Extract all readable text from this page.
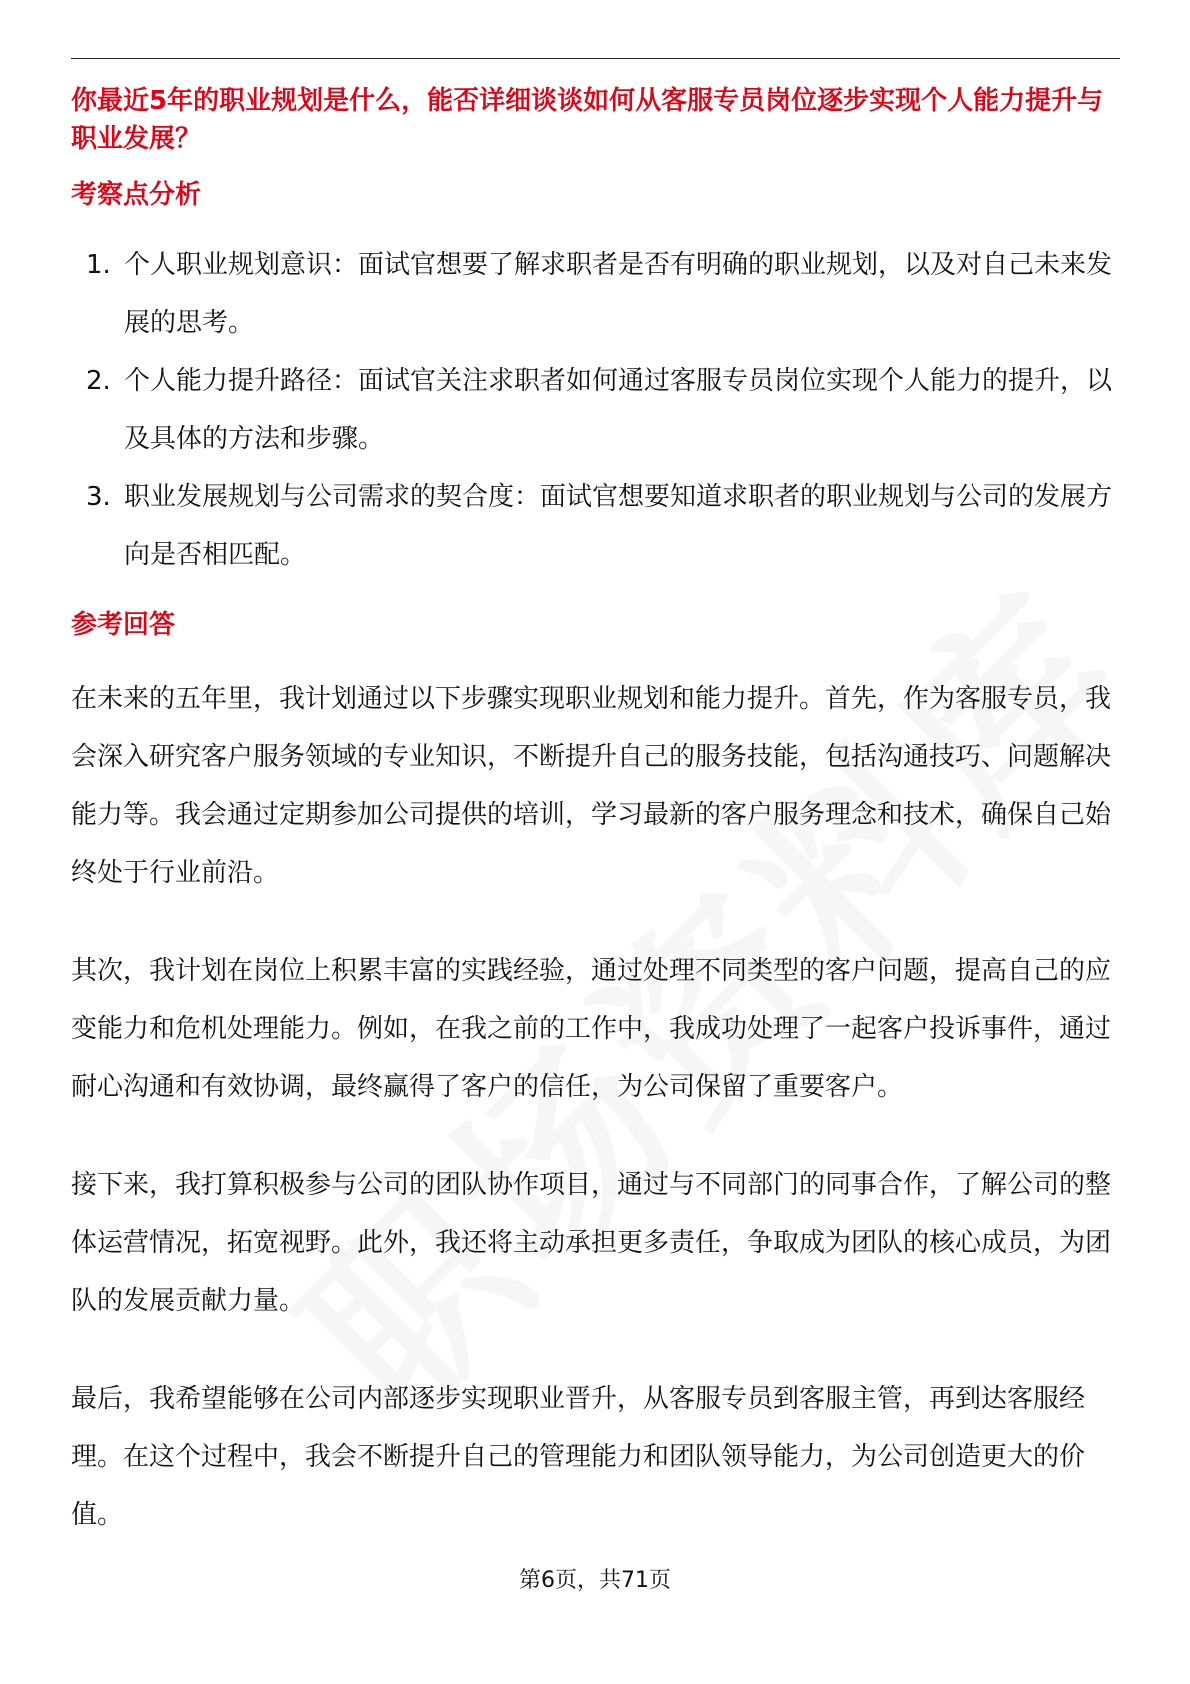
你最近5年的职业规划是什么，能否详细谈谈如何从客服专员岗位逐步实现个人能力提升与职业发展？

考察点分析
1. 个人职业规划意识：面试官想要了解求职者是否有明确的职业规划，以及对自己未来发展的思考。
2. 个人能力提升路径：面试官关注求职者如何通过客服专员岗位实现个人能力的提升，以及具体的方法和步骤。
3. 职业发展规划与公司需求的契合度：面试官想要知道求职者的职业规划与公司的发展方向是否相匹配。
参考回答

在未来的五年里，我计划通过以下步骤实现职业规划和能力提升。首先，作为客服专员，我会深入研究客户服务领域的专业知识，不断提升自己的服务技能，包括沟通技巧、问题解决能力等。我会通过定期参加公司提供的培训，学习最新的客户服务理念和技术，确保自己始终处于行业前沿。

其次，我计划在岗位上积累丰富的实践经验，通过处理不同类型的客户问题，提高自己的应变能力和危机处理能力。例如，在我之前的工作中，我成功处理了一起客户投诉事件，通过耐心沟通和有效协调，最终赢得了客户的信任，为公司保留了重要客户。

接下来，我打算积极参与公司的团队协作项目，通过与不同部门的同事合作，了解公司的整体运营情况，拓宽视野。此外，我还将主动承担更多责任，争取成为团队的核心成员，为团队的发展贡献力量。

最后，我希望能够在公司内部逐步实现职业晋升，从客服专员到客服主管，再到达客服经理。在这个过程中，我会不断提升自己的管理能力和团队领导能力，为公司创造更大的价值。

第6页，共71页
